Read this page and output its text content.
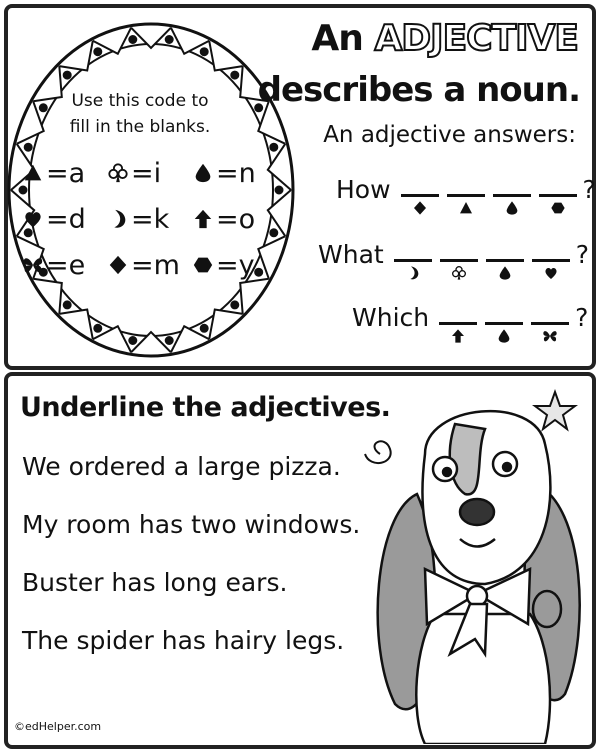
Use this code to
fill in the blanks.
=a =i =n
=d =k =o
=e =m =y
An ADJECTIVE
describes a noun.
An adjective answers:
How	?
What	?
Which	?
Underline the adjectives.
We ordered a large pizza.
My room has two windows.
Buster has long ears.
The spider has hairy legs.
©edHelper.com
